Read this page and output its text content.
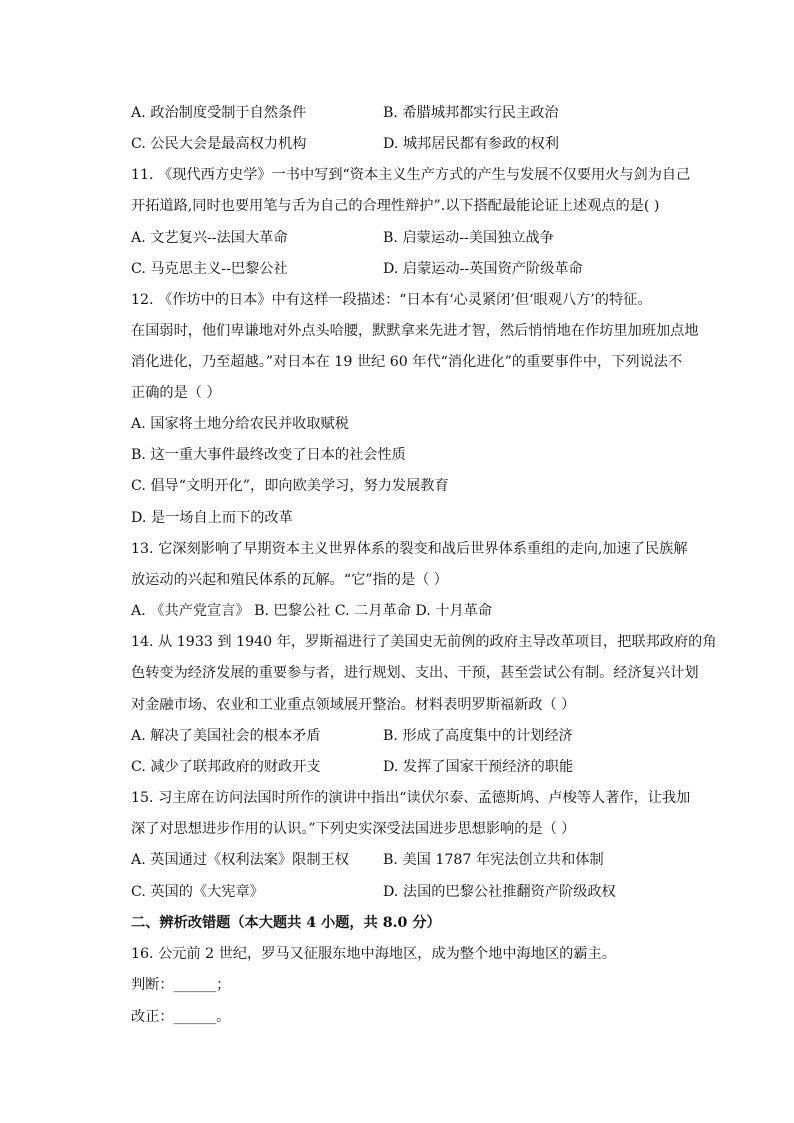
A. 政治制度受制于自然条件	B. 希腊城邦都实行民主政治
C. 公民大会是最高权力机构	D. 城邦居民都有参政的权利
11. 《现代西方史学》一书中写到“资本主义生产方式的产生与发展不仅要用火与剑为自己
开拓道路,同时也要用笔与舌为自己的合理性辩护”.以下搭配最能论证上述观点的是( )
A. 文艺复兴--法国大革命	B. 启蒙运动--美国独立战争
C. 马克思主义--巴黎公社	D. 启蒙运动--英国资产阶级革命
12. 《作坊中的日本》中有这样一段描述：“日本有‘心灵紧闭’但‘眼观八方’的特征。
在国弱时，他们卑谦地对外点头哈腰，默默拿来先进才智，然后悄悄地在作坊里加班加点地
消化进化，乃至超越。”对日本在 19 世纪 60 年代“消化进化”的重要事件中，下列说法不
正确的是（ ）
A. 国家将土地分给农民并收取赋税
B. 这一重大事件最终改变了日本的社会性质
C. 倡导“文明开化”，即向欧美学习，努力发展教育
D. 是一场自上而下的改革
13. 它深刻影响了早期资本主义世界体系的裂变和战后世界体系重组的走向,加速了民族解
放运动的兴起和殖民体系的瓦解。“它”指的是（ ）
A. 《共产党宣言》 B. 巴黎公社 C. 二月革命 D. 十月革命
14. 从 1933 到 1940 年，罗斯福进行了美国史无前例的政府主导改革项目，把联邦政府的角
色转变为经济发展的重要参与者，进行规划、支出、干预，甚至尝试公有制。经济复兴计划
对金融市场、农业和工业重点领域展开整治。材料表明罗斯福新政（ ）
A. 解决了美国社会的根本矛盾	B. 形成了高度集中的计划经济
C. 减少了联邦政府的财政开支	D. 发挥了国家干预经济的职能
15. 习主席在访问法国时所作的演讲中指出“读伏尔泰、孟德斯鸠、卢梭等人著作，让我加
深了对思想进步作用的认识。”下列史实深受法国进步思想影响的是（ ）
A. 英国通过《权利法案》限制王权 B. 美国 1787 年宪法创立共和体制
C. 英国的《大宪章》	D. 法国的巴黎公社推翻资产阶级政权
二、辨析改错题（本大题共 4 小题，共 8.0 分）
16. 公元前 2 世纪，罗马又征服东地中海地区，成为整个地中海地区的霸主。
判断：______；
改正：______。
